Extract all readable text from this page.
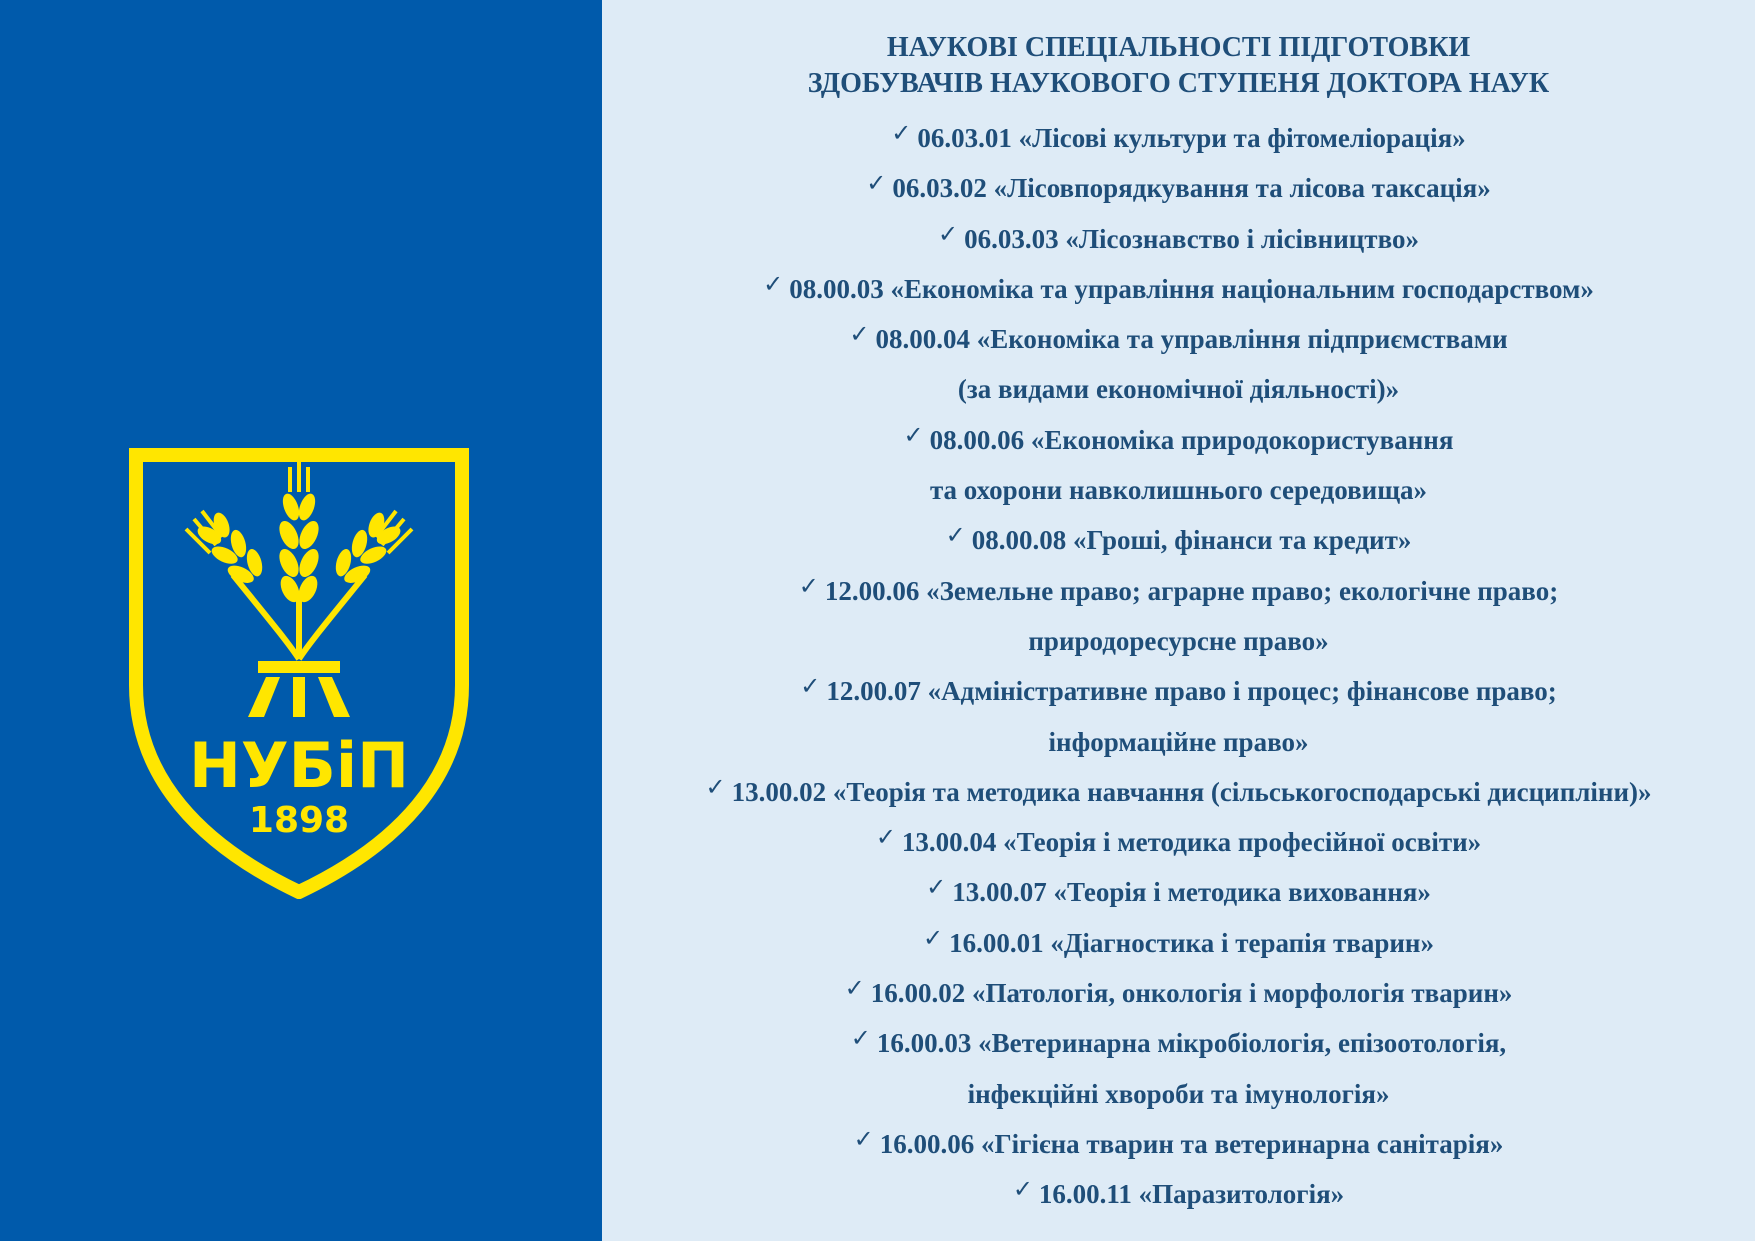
НУБіП
1898
НАУКОВІ СПЕЦІАЛЬНОСТІ ПІДГОТОВКИ
ЗДОБУВАЧІВ НАУКОВОГО СТУПЕНЯ ДОКТОРА НАУК
✓ 06.03.01 «Лісові культури та фітомеліорація»
✓ 06.03.02 «Лісовпорядкування та лісова таксація»
✓ 06.03.03 «Лісознавство і лісівництво»
✓ 08.00.03 «Економіка та управління національним господарством»
✓ 08.00.04 «Економіка та управління підприємствами
(за видами економічної діяльності)»
✓ 08.00.06 «Економіка природокористування
та охорони навколишнього середовища»
✓ 08.00.08 «Гроші, фінанси та кредит»
✓ 12.00.06 «Земельне право; аграрне право; екологічне право;
природоресурсне право»
✓ 12.00.07 «Адміністративне право і процес; фінансове право;
інформаційне право»
✓ 13.00.02 «Теорія та методика навчання (сільськогосподарські дисципліни)»
✓ 13.00.04 «Теорія і методика професійної освіти»
✓ 13.00.07 «Теорія і методика виховання»
✓ 16.00.01 «Діагностика і терапія тварин»
✓ 16.00.02 «Патологія, онкологія і морфологія тварин»
✓ 16.00.03 «Ветеринарна мікробіологія, епізоотологія,
інфекційні хвороби та імунологія»
✓ 16.00.06 «Гігієна тварин та ветеринарна санітарія»
✓ 16.00.11 «Паразитологія»
